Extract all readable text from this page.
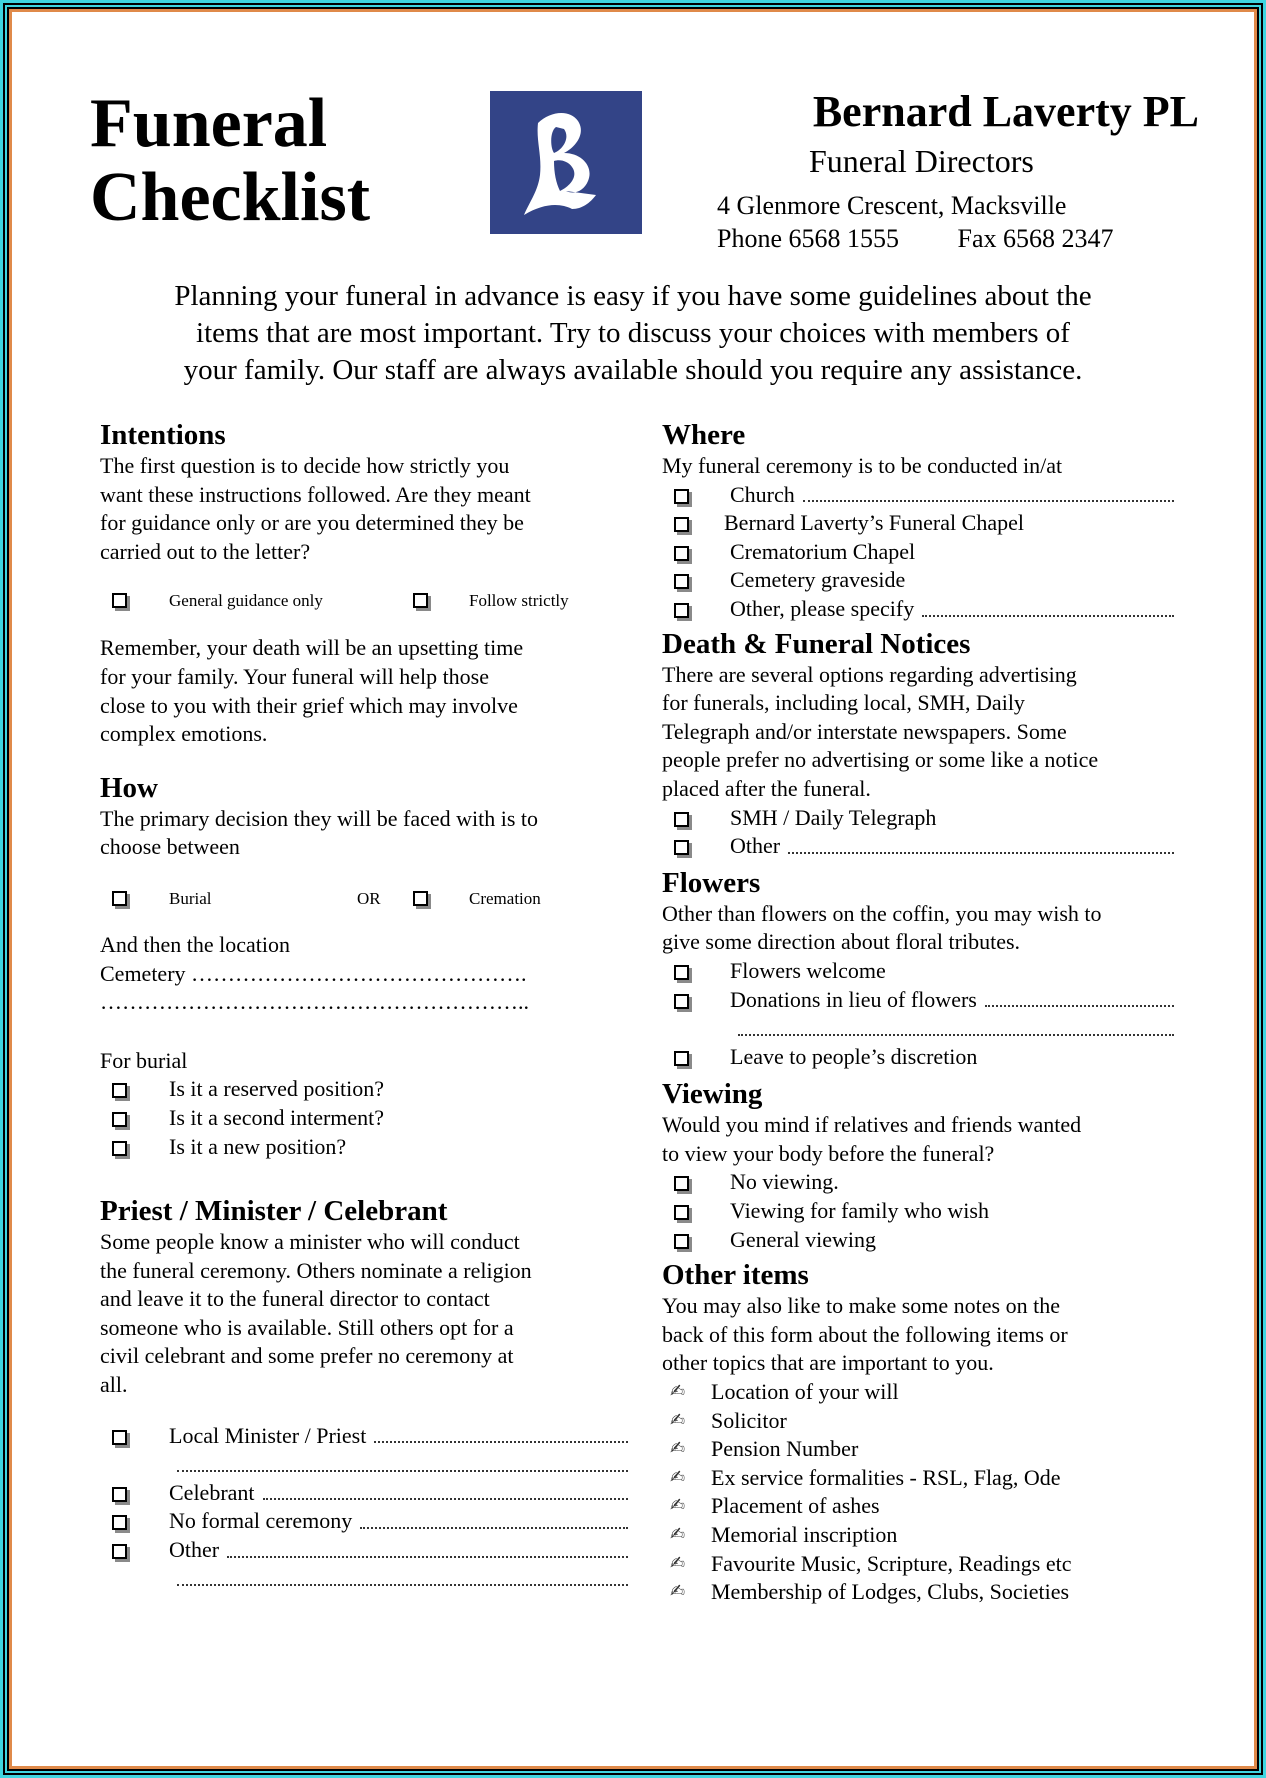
Funeral
Checklist
Bernard Laverty PL
Funeral Directors
4 Glenmore Crescent, Macksville
Phone 6568 1555 Fax 6568 2347
Planning your funeral in advance is easy if you have some guidelines about the
items that are most important. Try to discuss your choices with members of
your family. Our staff are always available should you require any assistance.
Intentions
The first question is to decide how strictly you
want these instructions followed. Are they meant
for guidance only or are you determined they be
carried out to the letter?
General guidance only	Follow strictly
Remember, your death will be an upsetting time
for your family. Your funeral will help those
close to you with their grief which may involve
complex emotions.
How
The primary decision they will be faced with is to
choose between
Burial	Cremation
OR
And then the location
Cemetery ……………………………………….
…………………………………………………..
For burial
Is it a reserved position?
Is it a second interment?
Is it a new position?
Priest / Minister / Celebrant
Some people know a minister who will conduct
the funeral ceremony. Others nominate a religion
and leave it to the funeral director to contact
someone who is available. Still others opt for a
civil celebrant and some prefer no ceremony at
all.
Local Minister / Priest
Celebrant
No formal ceremony
Other
Where
My funeral ceremony is to be conducted in/at
Church
Bernard Laverty’s Funeral Chapel
Crematorium Chapel
Cemetery graveside
Other, please specify
Death & Funeral Notices
There are several options regarding advertising
for funerals, including local, SMH, Daily
Telegraph and/or interstate newspapers. Some
people prefer no advertising or some like a notice
placed after the funeral.
SMH / Daily Telegraph
Other
Flowers
Other than flowers on the coffin, you may wish to
give some direction about floral tributes.
Flowers welcome
Donations in lieu of flowers
Leave to people’s discretion
Viewing
Would you mind if relatives and friends wanted
to view your body before the funeral?
No viewing.
Viewing for family who wish
General viewing
Other items
You may also like to make some notes on the
back of this form about the following items or
other topics that are important to you.
✍ Location of your will
✍ Solicitor
✍ Pension Number
✍ Ex service formalities - RSL, Flag, Ode
✍ Placement of ashes
✍ Memorial inscription
✍ Favourite Music, Scripture, Readings etc
✍ Membership of Lodges, Clubs, Societies
